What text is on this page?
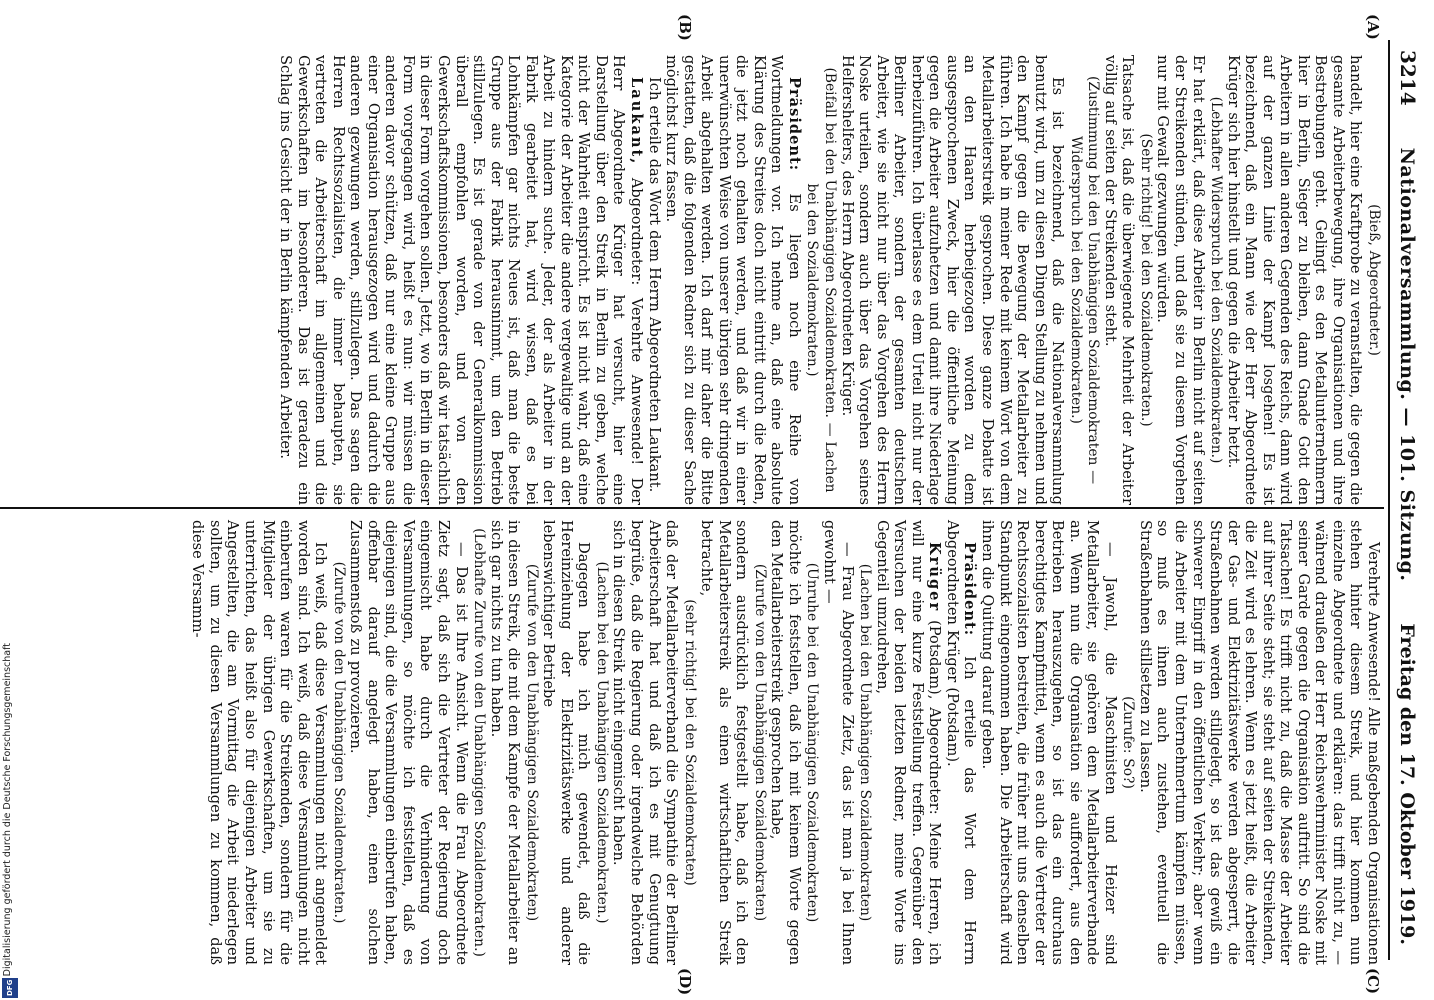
3214
Nationalversammlung. — 101. Sitzung.
Freitag den 17. Oktober 1919.
(A)
(B)
(C)
(D)

(Bieß, Abgeordneter.)

handelt, hier eine Kraftprobe zu veranstalten, die gegen die gesamte Arbeiterbewegung, ihre Organisationen und ihre Bestrebungen geht. Gelingt es den Metallunternehmern hier in Berlin, Sieger zu bleiben, dann Gnade Gott den Arbeitern in allen anderen Gegenden des Reichs, dann wird auf der ganzen Linie der Kampf losgehen! Es ist bezeichnend, daß ein Mann wie der Herr Abgeordnete Krüger sich hier hinstellt und gegen die Arbeiter hetzt.

(Lebhafter Widerspruch bei den Sozialdemokraten.)

Er hat erklärt, daß diese Arbeiter in Berlin nicht auf seiten der Streikenden stünden, und daß sie zu diesem Vorgehen nur mit Gewalt gezwungen würden.

(Sehr richtig! bei den Sozialdemokraten.)

Tatsache ist, daß die überwiegende Mehrheit der Arbeiter völlig auf seiten der Streikenden steht.

(Zustimmung bei den Unabhängigen Sozialdemokraten — Widerspruch bei den Sozialdemokraten.)

Es ist bezeichnend, daß die Nationalversammlung benutzt wird, um zu diesen Dingen Stellung zu nehmen und den Kampf gegen die Bewegung der Metallarbeiter zu führen. Ich habe in meiner Rede mit keinem Wort von dem Metallarbeiterstreik gesprochen. Diese ganze Debatte ist an den Haaren herbeigezogen worden zu dem ausgesprochenen Zweck, hier die öffentliche Meinung gegen die Arbeiter aufzuhetzen und damit ihre Niederlage herbeizuführen. Ich überlasse es dem Urteil nicht nur der Berliner Arbeiter, sondern der gesamten deutschen Arbeiter, wie sie nicht nur über das Vorgehen des Herrn Noske urteilen, sondern auch über das Vorgehen seines Helfershelfers, des Herrn Abgeordneten Krüger.

(Beifall bei den Unabhängigen Sozialdemokraten. — Lachen bei den Sozialdemokraten.)

Präsident: Es liegen noch eine Reihe von Wortmeldungen vor. Ich nehme an, daß eine absolute Klärung des Streites doch nicht eintritt durch die Reden, die jetzt noch gehalten werden, und daß wir in einer unerwünschten Weise von unserer übrigen sehr dringenden Arbeit abgehalten werden. Ich darf mir daher die Bitte gestatten, daß die folgenden Redner sich zu dieser Sache möglichst kurz fassen.

Ich erteile das Wort dem Herrn Abgeordneten Laukant.

Laukant, Abgeordneter: Verehrte Anwesende! Der Herr Abgeordnete Krüger hat versucht, hier eine Darstellung über den Streik in Berlin zu geben, welche nicht der Wahrheit entspricht. Es ist nicht wahr, daß eine Kategorie der Arbeiter die andere vergewaltige und an der Arbeit zu hindern suche. Jeder, der als Arbeiter in der Fabrik gearbeitet hat, wird wissen, daß es bei Lohnkämpfen gar nichts Neues ist, daß man die beste Gruppe aus der Fabrik herausnimmt, um den Betrieb stillzulegen. Es ist gerade von der Generalkommission überall empfohlen worden, und von den Gewerkschaftskommissionen, besonders daß wir tatsächlich in dieser Form vorgehen sollen. Jetzt, wo in Berlin in dieser Form vorgegangen wird, heißt es nun: wir müssen die anderen davor schützen, daß nur eine kleine Gruppe aus einer Organisation herausgezogen wird und dadurch die anderen gezwungen werden, stillzulegen. Das sagen die Herren Rechtssozialisten, die immer behaupten, sie vertreten die Arbeiterschaft im allgemeinen und die Gewerkschaften im besonderen. Das ist geradezu ein Schlag ins Gesicht der in Berlin kämpfenden Arbeiter.

Verehrte Anwesende! Alle maßgebenden Organisationen stehen hinter diesem Streik, und hier kommen nun einzelne Abgeordnete und erklären: das trifft nicht zu, — während draußen der Herr Reichswehrminister Noske mit seiner Garde gegen die Organisation auftritt. So sind die Tatsachen! Es trifft nicht zu, daß die Masse der Arbeiter auf ihrer Seite steht; sie steht auf seiten der Streikenden, die Zeit wird es lehren. Wenn es jetzt heißt, die Arbeiter der Gas- und Elektrizitätswerke werden abgesperrt, die Straßenbahnen werden stillgelegt, so ist das gewiß ein schwerer Eingriff in den öffentlichen Verkehr; aber wenn die Arbeiter mit dem Unternehmertum kämpfen müssen, so muß es ihnen auch zustehen, eventuell die Straßenbahnen stillsetzen zu lassen.

(Zurufe: So?)

— Jawohl, die Maschinisten und Heizer sind Metallarbeiter, sie gehören dem Metallarbeiterverbande an. Wenn nun die Organisation sie auffordert, aus den Betrieben herauszugehen, so ist das ein durchaus berechtigtes Kampfmittel, wenn es auch die Vertreter der Rechtssozialisten bestreiten, die früher mit uns denselben Standpunkt eingenommen haben. Die Arbeiterschaft wird ihnen die Quittung darauf geben.

Präsident: Ich erteile das Wort dem Herrn Abgeordneten Krüger (Potsdam).

Krüger (Potsdam), Abgeordneter: Meine Herren, ich will nur eine kurze Feststellung treffen. Gegenüber den Versuchen der beiden letzten Redner, meine Worte ins Gegenteil umzudrehen,

(Lachen bei den Unabhängigen Sozialdemokraten)

— Frau Abgeordnete Zietz, das ist man ja bei Ihnen gewohnt —

(Unruhe bei den Unabhängigen Sozialdemokraten)

möchte ich feststellen, daß ich mit keinem Worte gegen den Metallarbeiterstreik gesprochen habe,

(Zurufe von den Unabhängigen Sozialdemokraten)

sondern ausdrücklich festgestellt habe, daß ich den Metallarbeiterstreik als einen wirtschaftlichen Streik betrachte,

(sehr richtig! bei den Sozialdemokraten)

daß der Metallarbeiterverband die Sympathie der Berliner Arbeiterschaft hat und daß ich es mit Genugtuung begrüße, daß die Regierung oder irgendwelche Behörden sich in diesen Streik nicht eingemischt haben.

(Lachen bei den Unabhängigen Sozialdemokraten.)

Dagegen habe ich mich gewendet, daß die Hereinziehung der Elektrizitätswerke und anderer lebenswichtiger Betriebe

(Zurufe von den Unabhängigen Sozialdemokraten)

in diesen Streik, die mit dem Kampfe der Metallarbeiter an sich gar nichts zu tun haben.

(Lebhafte Zurufe von den Unabhängigen Sozialdemokraten.)

— Das ist Ihre Ansicht. Wenn die Frau Abgeordnete Zietz sagt, daß sich die Vertreter der Regierung doch eingemischt habe durch die Verhinderung von Versammlungen, so möchte ich feststellen, daß es diejenigen sind, die die Versammlungen einberufen haben, offenbar darauf angelegt haben, einen solchen Zusammenstoß zu provozieren.

(Zurufe von den Unabhängigen Sozialdemokraten.)

Ich weiß, daß diese Versammlungen nicht angemeldet worden sind. Ich weiß, daß diese Versammlungen nicht einberufen waren für die Streikenden, sondern für die Mitglieder der übrigen Gewerkschaften, um sie zu unterrichten, das heißt also für diejenigen Arbeiter und Angestellten, die am Vormittag die Arbeit niederlegen sollten, um zu diesen Versammlungen zu kommen, daß diese Versamm-

Digitalisierung gefördert durch die Deutsche Forschungsgemeinschaft
DFG
